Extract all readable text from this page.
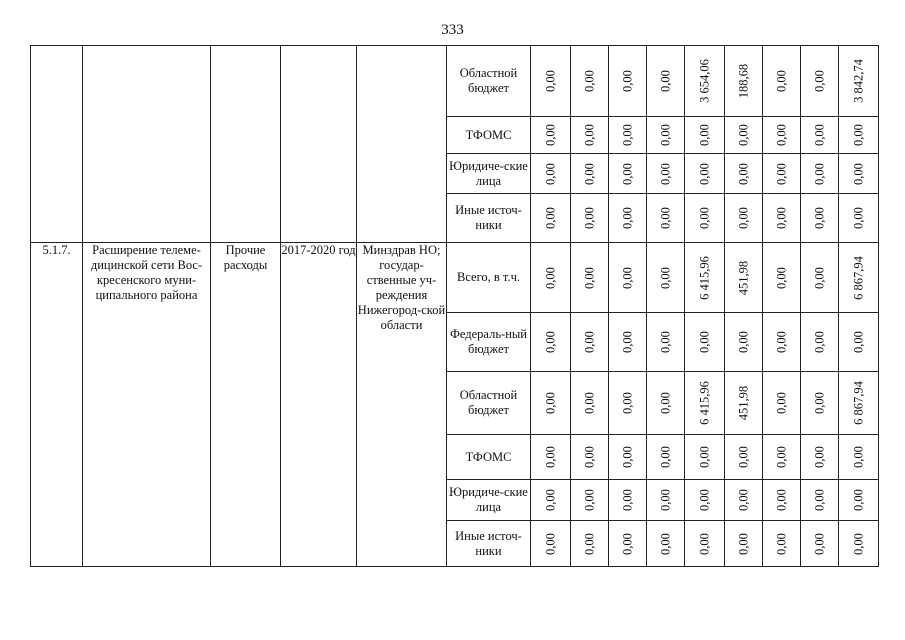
333
					Областной бюджет	0,00	0,00	0,00	0,00	3 654,06	188,68	0,00	0,00	3 842,74

					ТФОМС	0,00	0,00	0,00	0,00	0,00	0,00	0,00	0,00	0,00

					Юридиче-ские лица	0,00	0,00	0,00	0,00	0,00	0,00	0,00	0,00	0,00

					Иные источ-ники	0,00	0,00	0,00	0,00	0,00	0,00	0,00	0,00	0,00

5.1.7.	Расширение телеме-дицинской сети Вос-кресенского муни-ципального района	Прочие расходы	2017-2020 год	Минздрав НО; государ-ственные уч-реждения Нижегород-ской области	Всего, в т.ч.	0,00	0,00	0,00	0,00	6 415,96	451,98	0,00	0,00	6 867,94

					Федераль-ный бюджет	0,00	0,00	0,00	0,00	0,00	0,00	0,00	0,00	0,00

					Областной бюджет	0,00	0,00	0,00	0,00	6 415,96	451,98	0,00	0,00	6 867,94

					ТФОМС	0,00	0,00	0,00	0,00	0,00	0,00	0,00	0,00	0,00

					Юридиче-ские лица	0,00	0,00	0,00	0,00	0,00	0,00	0,00	0,00	0,00

					Иные источ-ники	0,00	0,00	0,00	0,00	0,00	0,00	0,00	0,00	0,00
